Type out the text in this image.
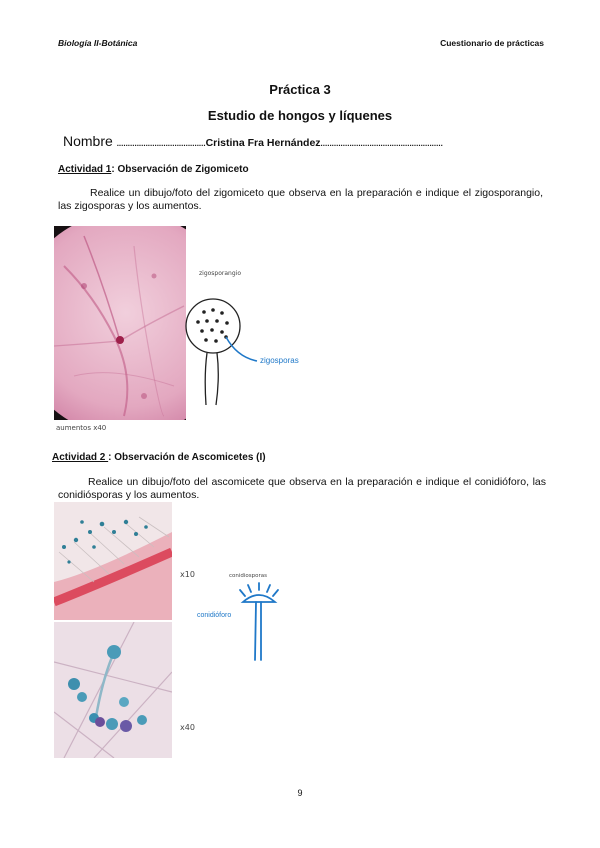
Biología II-Botánica	Cuestionario de prácticas
Práctica 3
Estudio de hongos y líquenes
Nombre ........................................Cristina Fra Hernández.......................................................
Actividad 1: Observación de Zigomiceto
Realice un dibujo/foto del zigomiceto que observa en la preparación e indique el zigosporangio, las zigosporas y los aumentos.
aumentos x40
zigosporangio
zigosporas
Actividad 2 : Observación de Ascomicetes (I)
Realice un dibujo/foto del ascomicete que observa en la preparación e indique el conidióforo, las conidiósporas y los aumentos.
x10
x40
conidiosporas
conidióforo
9
